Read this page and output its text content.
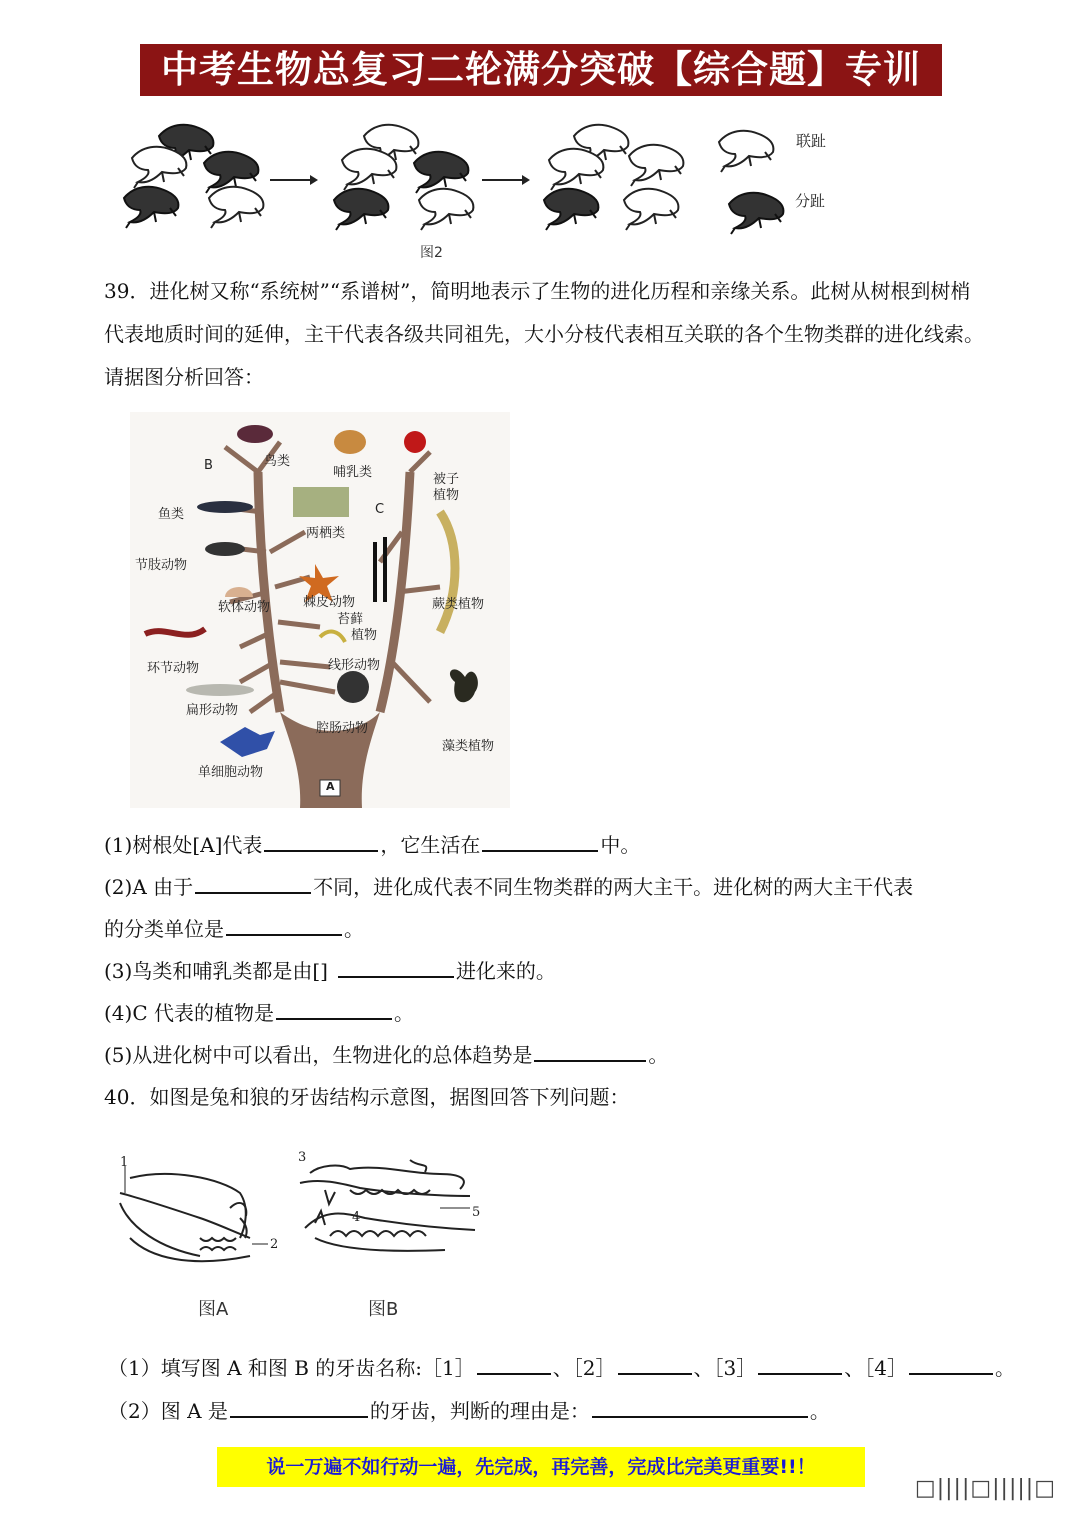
中考生物总复习二轮满分突破【综合题】专训
联趾
分趾
图2
39．进化树又称“系统树”“系谱树”，简明地表示了生物的进化历程和亲缘关系。此树从树根到树梢代表地质时间的延伸，主干代表各级共同祖先，大小分枝代表相互关联的各个生物类群的进化线索。请据图分析回答：
B
C
A
鸟类
哺乳类	被子
植物
鱼类
两栖类
节肢动物
软体动物	棘皮动物
苔藓
植物
蕨类植物
环节动物	线形动物
扁形动物
腔肠动物
藻类植物
单细胞动物
(1)树根处[A]代表	，它生活在	中。
(2)A 由于	不同，进化成代表不同生物类群的两大主干。进化树的两大主干代表
的分类单位是	。
(3)鸟类和哺乳类都是由[]	进化来的。
(4)C 代表的植物是	。
(5)从进化树中可以看出，生物进化的总体趋势是	。
40．如图是兔和狼的牙齿结构示意图，据图回答下列问题：
1
2
3
4	5
图A	图B
（1）填写图 A 和图 B 的牙齿名称:［1］	、［2］	、［3］	、［4］	。
（2）图 A 是	的牙齿，判断的理由是：	。
说一万遍不如行动一遍，先完成，再完善，完成比完美更重要!!！
□||||□|||||□
